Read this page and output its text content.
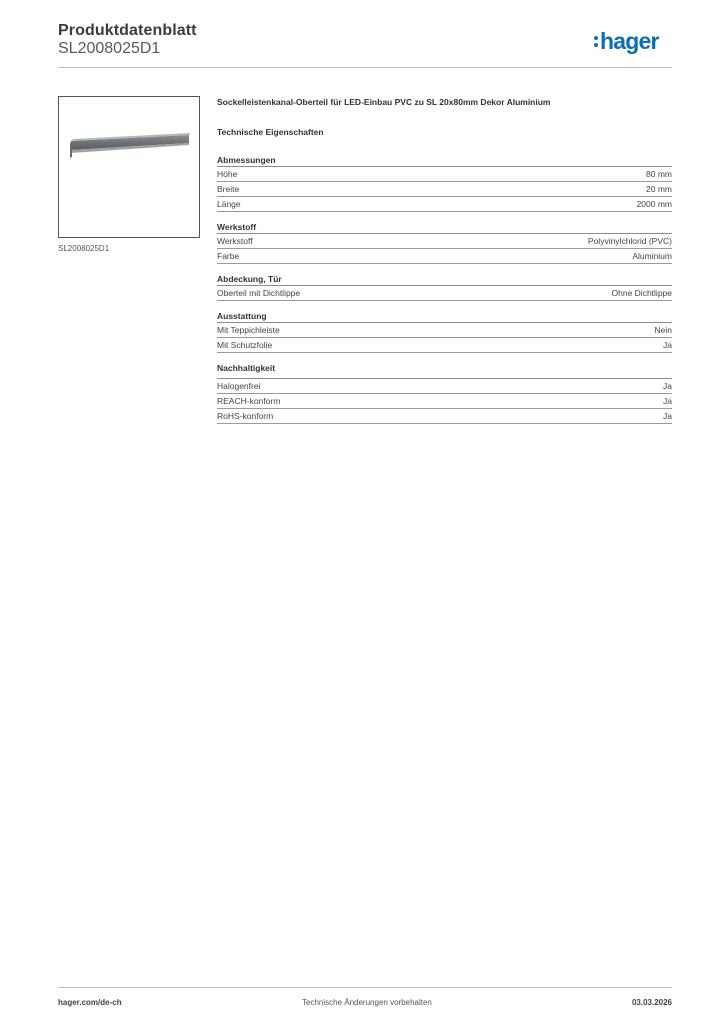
Produktdatenblatt
SL2008025D1	hager
SL2008025D1
Sockelleistenkanal-Oberteil für LED-Einbau PVC zu SL 20x80mm Dekor Aluminium
Technische Eigenschaften
Abmessungen
Höhe	80 mm
Breite	20 mm
Länge	2000 mm
Werkstoff
Werkstoff	Polyvinylchlorid (PVC)
Farbe	Aluminium
Abdeckung, Tür
Oberteil mit Dichtlippe	Ohne Dichtlippe
Ausstattung
Mit Teppichleiste	Nein
Mit Schutzfolie	Ja
Nachhaltigkeit
Halogenfrei	Ja
REACH-konform	Ja
RoHS-konform	Ja
hager.com/de-ch	Technische Änderungen vorbehalten	03.03.2026
